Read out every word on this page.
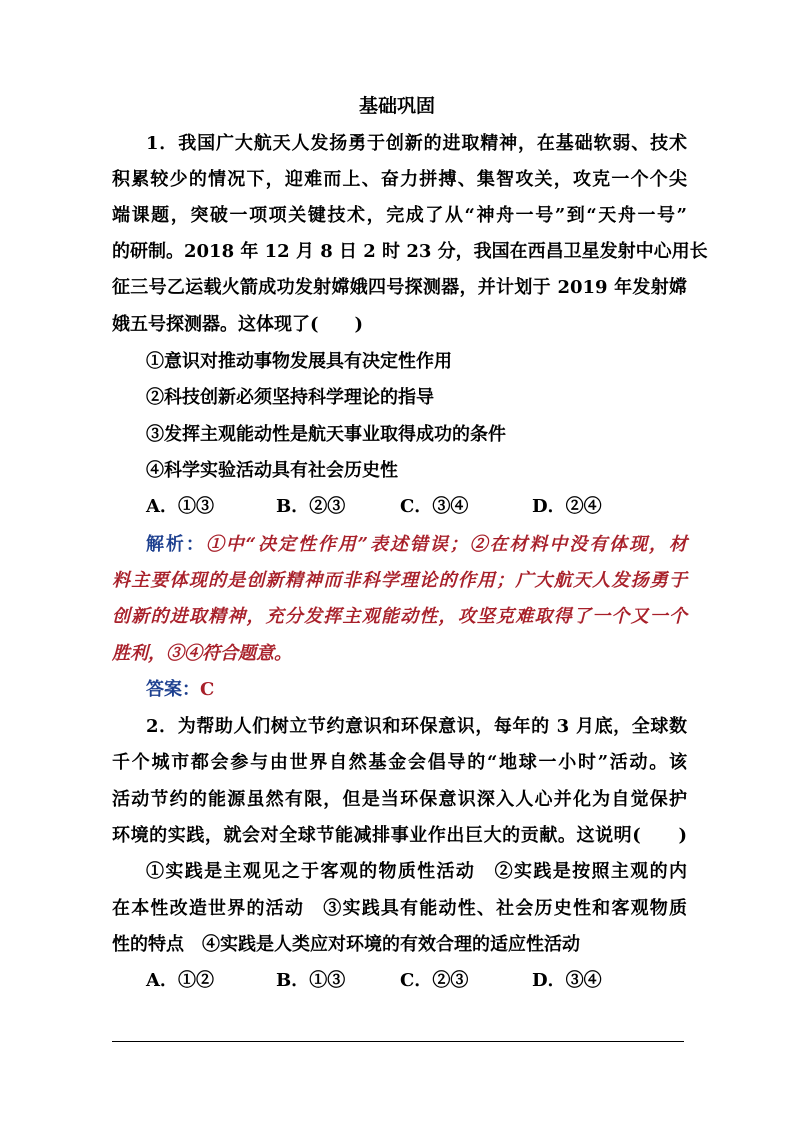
基础巩固
1．我国广大航天人发扬勇于创新的进取精神，在基础软弱、技术
积累较少的情况下，迎难而上、奋力拼搏、集智攻关，攻克一个个尖
端课题，突破一项项关键技术，完成了从“神舟一号”到“天舟一号”
的研制。2018 年 12 月 8 日 2 时 23 分，我国在西昌卫星发射中心用长
征三号乙运载火箭成功发射嫦娥四号探测器，并计划于 2019 年发射嫦
娥五号探测器。这体现了(　　)
①意识对推动事物发展具有决定性作用
②科技创新必须坚持科学理论的指导
③发挥主观能动性是航天事业取得成功的条件
④科学实验活动具有社会历史性
A．①③	B．②③	C．③④	D．②④
解析：①中“决定性作用”表述错误；②在材料中没有体现，材
料主要体现的是创新精神而非科学理论的作用；广大航天人发扬勇于
创新的进取精神，充分发挥主观能动性，攻坚克难取得了一个又一个
胜利，③④符合题意。
答案：C
2．为帮助人们树立节约意识和环保意识，每年的 3 月底，全球数
千个城市都会参与由世界自然基金会倡导的“地球一小时”活动。该
活动节约的能源虽然有限，但是当环保意识深入人心并化为自觉保护
环境的实践，就会对全球节能减排事业作出巨大的贡献。这说明(　　)
①实践是主观见之于客观的物质性活动　②实践是按照主观的内
在本性改造世界的活动　③实践具有能动性、社会历史性和客观物质
性的特点　④实践是人类应对环境的有效合理的适应性活动
A．①②	B．①③	C．②③	D．③④
